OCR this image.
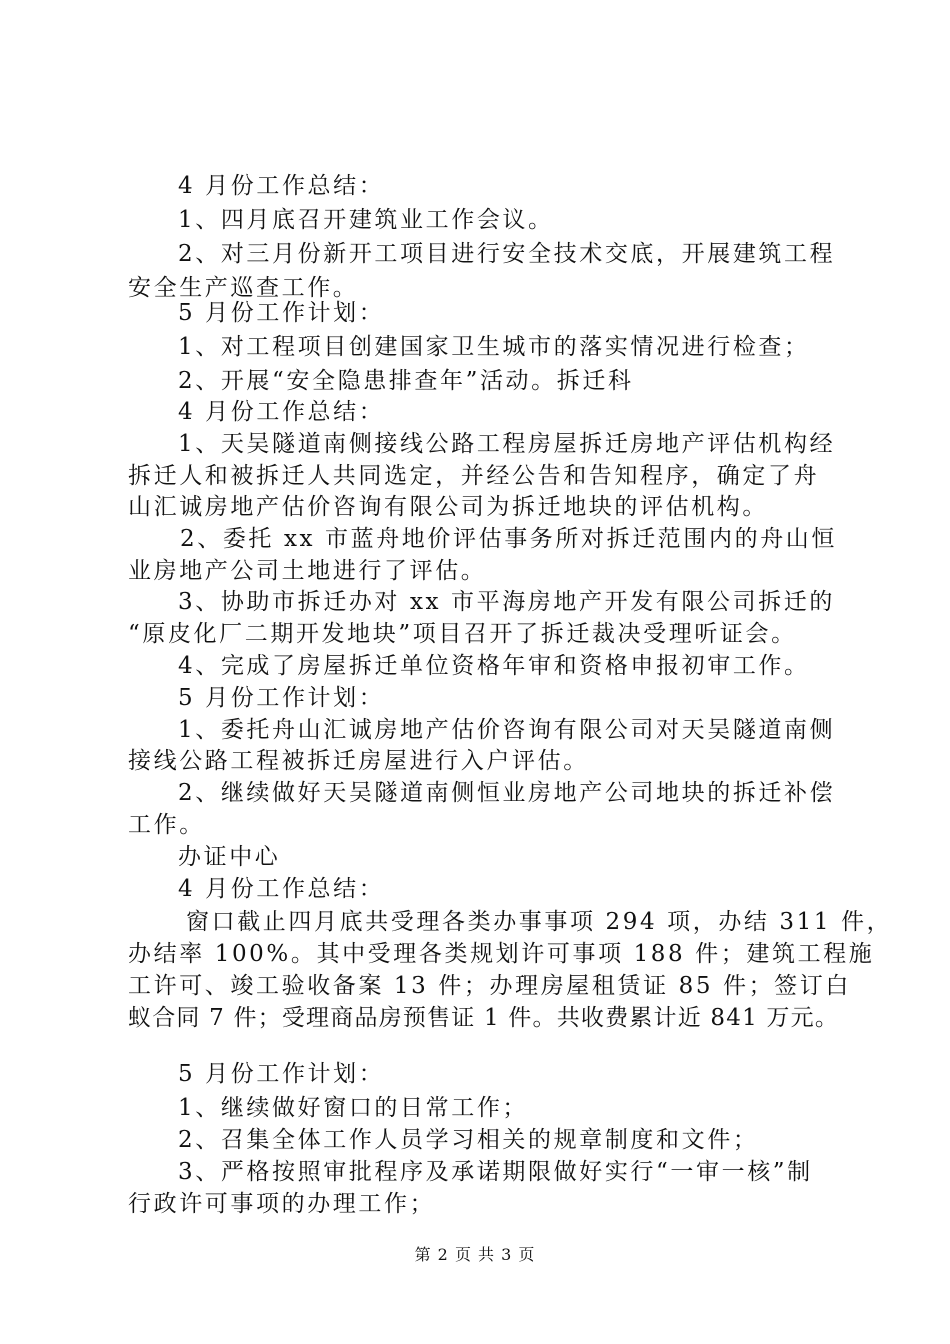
4 月份工作总结：
1、四月底召开建筑业工作会议。
2、对三月份新开工项目进行安全技术交底，开展建筑工程
安全生产巡查工作。
5 月份工作计划：
1、对工程项目创建国家卫生城市的落实情况进行检查；
2、开展“安全隐患排查年”活动。拆迁科
4 月份工作总结：
1、天吴隧道南侧接线公路工程房屋拆迁房地产评估机构经
拆迁人和被拆迁人共同选定，并经公告和告知程序，确定了舟
山汇诚房地产估价咨询有限公司为拆迁地块的评估机构。
2、委托 xx 市蓝舟地价评估事务所对拆迁范围内的舟山恒
业房地产公司土地进行了评估。
3、协助市拆迁办对 xx 市平海房地产开发有限公司拆迁的
“原皮化厂二期开发地块”项目召开了拆迁裁决受理听证会。
4、完成了房屋拆迁单位资格年审和资格申报初审工作。
5 月份工作计划：
1、委托舟山汇诚房地产估价咨询有限公司对天吴隧道南侧
接线公路工程被拆迁房屋进行入户评估。
2、继续做好天吴隧道南侧恒业房地产公司地块的拆迁补偿
工作。
办证中心
4 月份工作总结：
窗口截止四月底共受理各类办事事项 294 项，办结 311 件，
办结率 100%。其中受理各类规划许可事项 188 件；建筑工程施
工许可、竣工验收备案 13 件；办理房屋租赁证 85 件；签订白
蚁合同 7 件；受理商品房预售证 1 件。共收费累计近 841 万元。
5 月份工作计划：
1、继续做好窗口的日常工作；
2、召集全体工作人员学习相关的规章制度和文件；
3、严格按照审批程序及承诺期限做好实行“一审一核”制
行政许可事项的办理工作；
第 2 页 共 3 页
